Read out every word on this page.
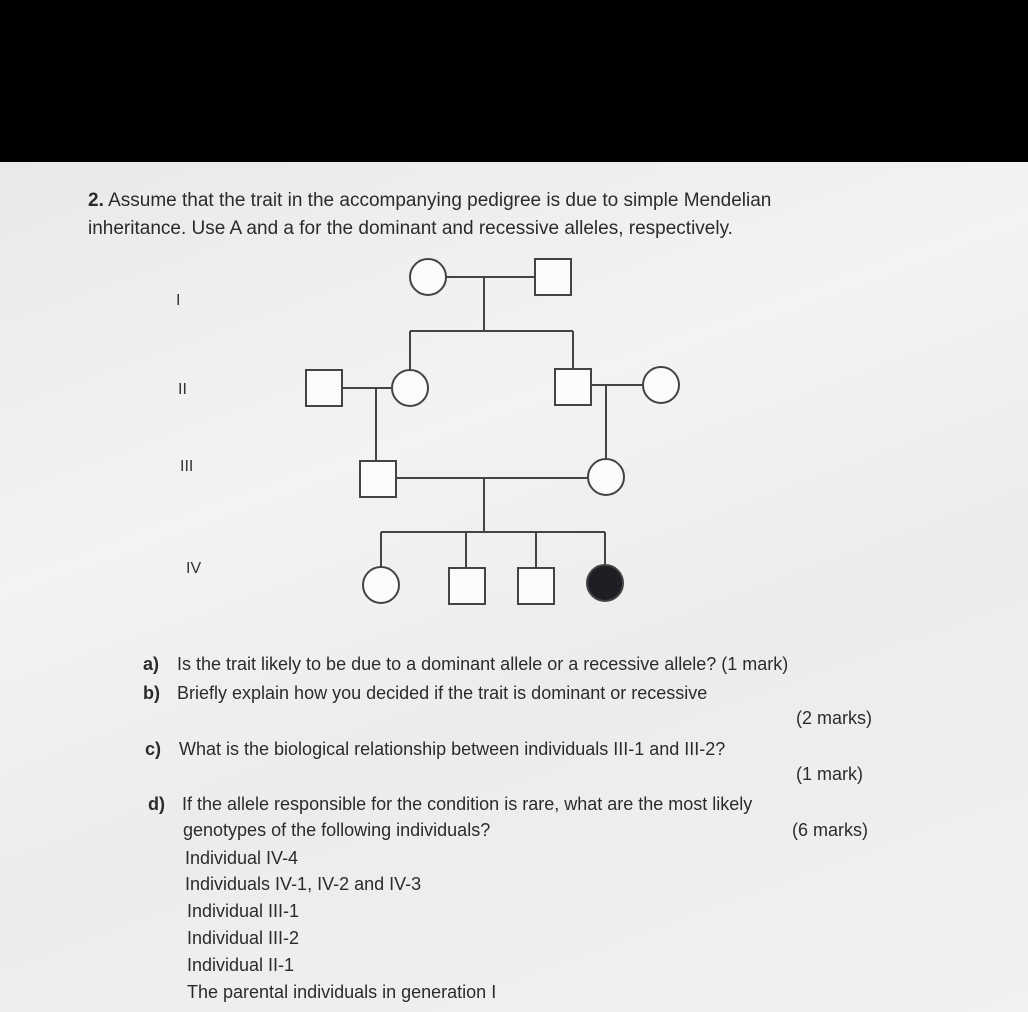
2. Assume that the trait in the accompanying pedigree is due to simple Mendelian
inheritance. Use A and a for the dominant and recessive alleles, respectively.
I
II
III
IV
a) Is the trait likely to be due to a dominant allele or a recessive allele? (1 mark)
b) Briefly explain how you decided if the trait is dominant or recessive
(2 marks)
c) What is the biological relationship between individuals III-1 and III-2?
(1 mark)
d) If the allele responsible for the condition is rare, what are the most likely
genotypes of the following individuals?	(6 marks)
Individual IV-4
Individuals IV-1, IV-2 and IV-3
Individual III-1
Individual III-2
Individual II-1
The parental individuals in generation I
